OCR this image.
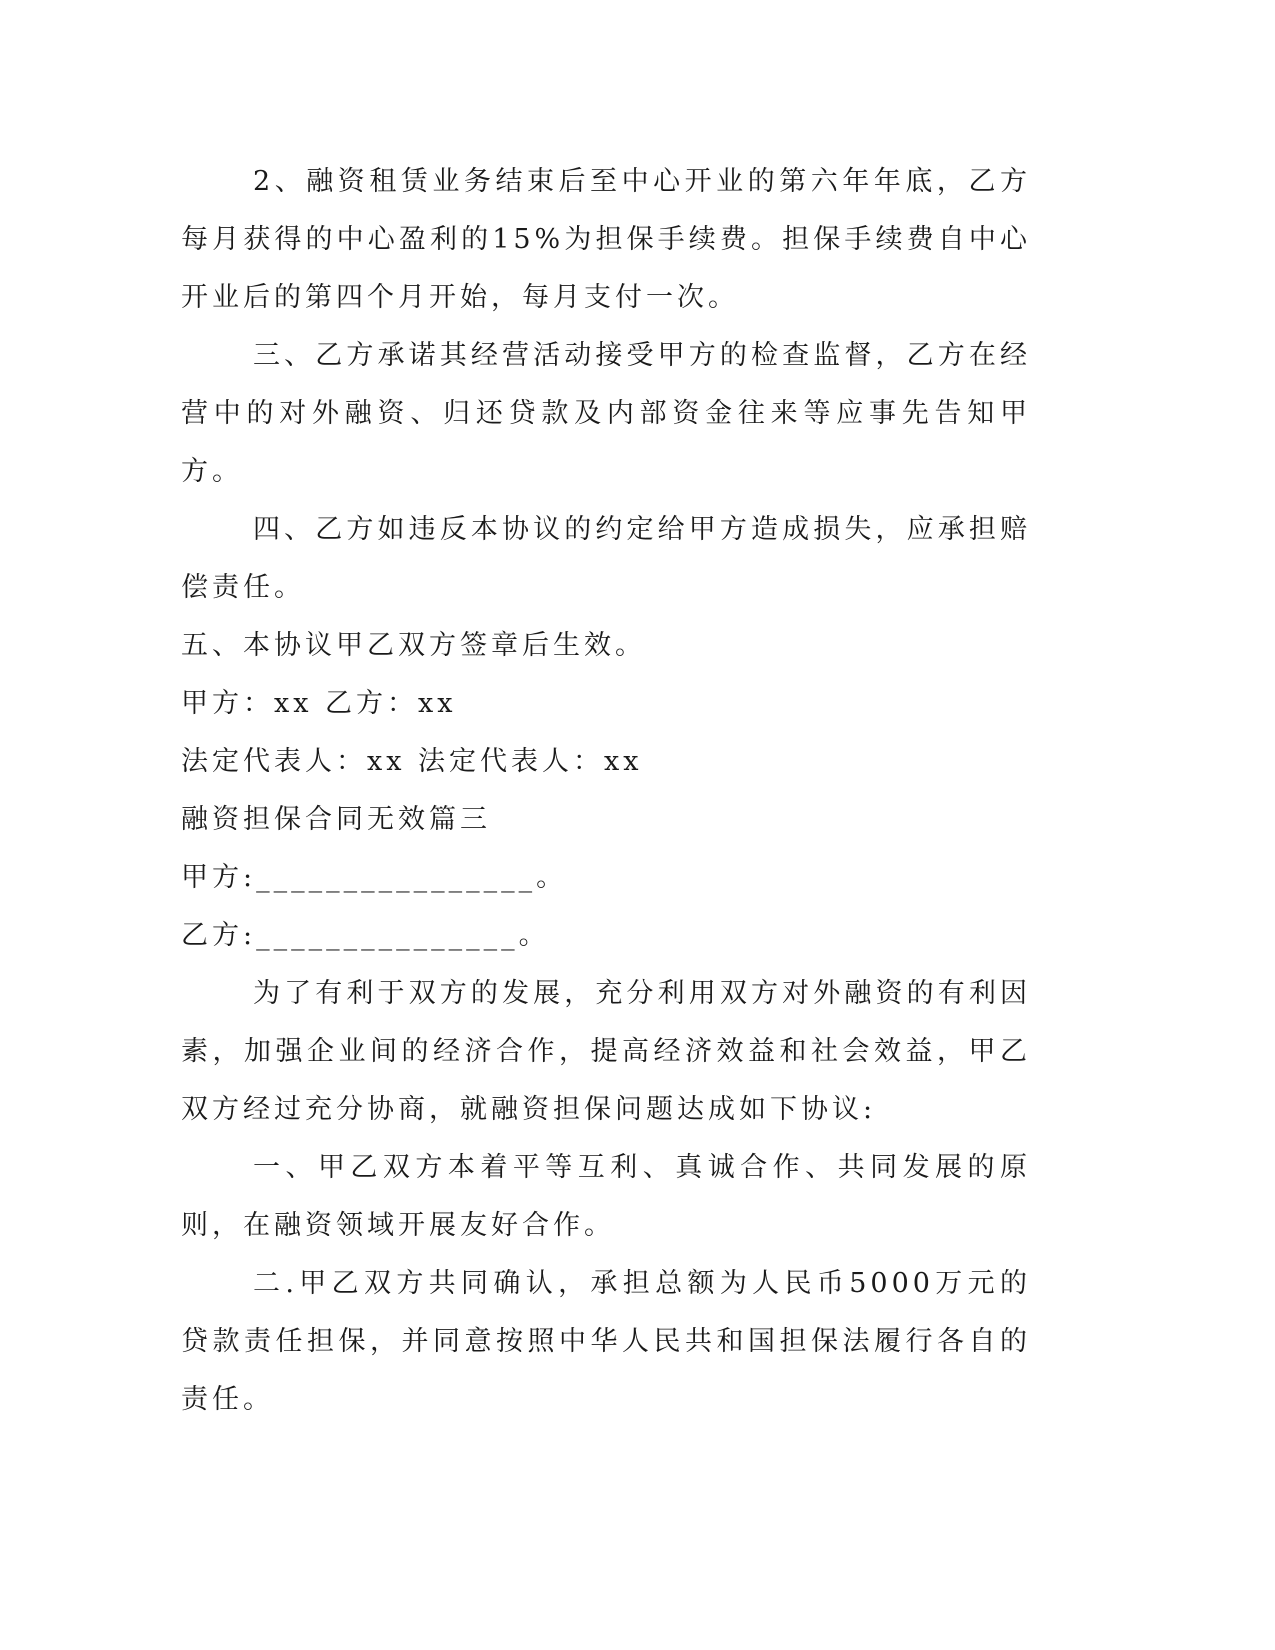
2、融资租赁业务结束后至中心开业的第六年年底，乙方每月获得的中心盈利的15%为担保手续费。担保手续费自中心开业后的第四个月开始，每月支付一次。

三、乙方承诺其经营活动接受甲方的检查监督，乙方在经营中的对外融资、归还贷款及内部资金往来等应事先告知甲方。

四、乙方如违反本协议的约定给甲方造成损失，应承担赔偿责任。

五、本协议甲乙双方签章后生效。

甲方：xx 乙方：xx

法定代表人：xx 法定代表人：xx

融资担保合同无效篇三

甲方:________________。

乙方:_______________。

为了有利于双方的发展，充分利用双方对外融资的有利因素，加强企业间的经济合作，提高经济效益和社会效益，甲乙双方经过充分协商，就融资担保问题达成如下协议:

一、甲乙双方本着平等互利、真诚合作、共同发展的原则，在融资领域开展友好合作。

二.甲乙双方共同确认，承担总额为人民币5000万元的贷款责任担保，并同意按照中华人民共和国担保法履行各自的责任。
